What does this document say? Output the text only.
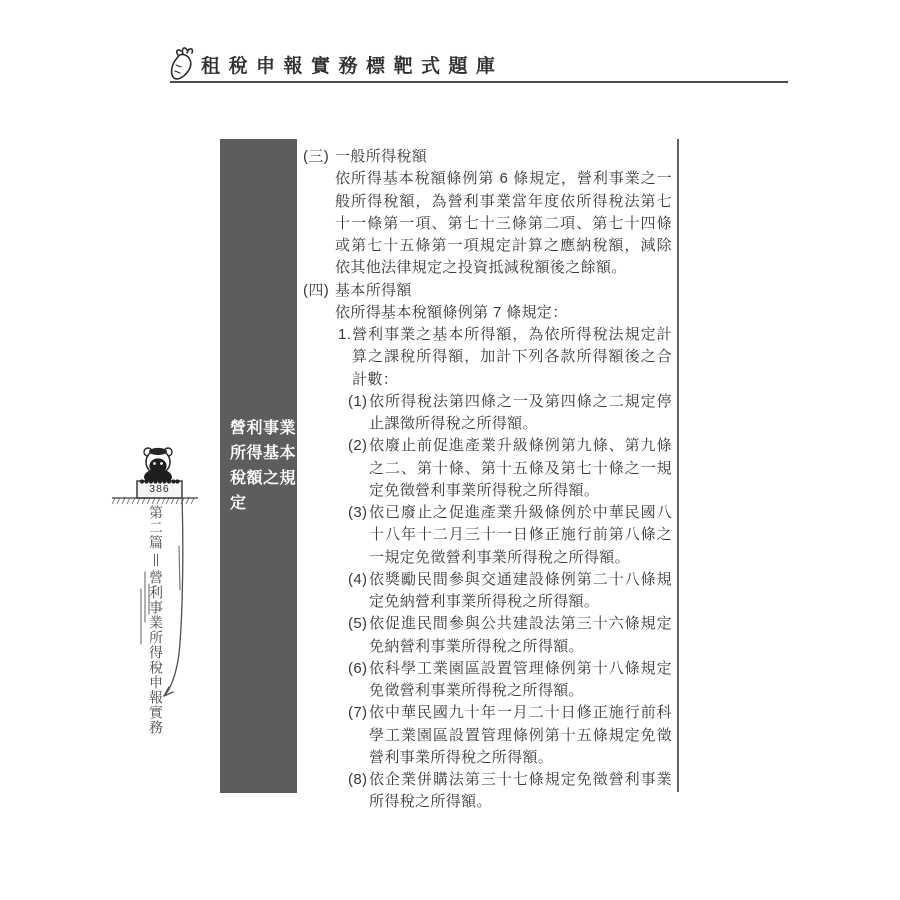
租稅申報實務標靶式題庫
營利事業所得基本稅額之規定
386
第二篇營利事業所得稅申報實務
(三) 一般所得稅額
依所得基本稅額條例第 6 條規定，營利事業之一般所得稅額，為營利事業當年度依所得稅法第七十一條第一項、第七十三條第二項、第七十四條或第七十五條第一項規定計算之應納稅額，減除依其他法律規定之投資抵減稅額後之餘額。
(四) 基本所得額
依所得基本稅額條例第 7 條規定：
1. 營利事業之基本所得額，為依所得稅法規定計算之課稅所得額，加計下列各款所得額後之合計數：
(1) 依所得稅法第四條之一及第四條之二規定停止課徵所得稅之所得額。
(2) 依廢止前促進產業升級條例第九條、第九條之二、第十條、第十五條及第七十條之一規定免徵營利事業所得稅之所得額。
(3) 依已廢止之促進產業升級條例於中華民國八十八年十二月三十一日修正施行前第八條之一規定免徵營利事業所得稅之所得額。
(4) 依獎勵民間參與交通建設條例第二十八條規定免納營利事業所得稅之所得額。
(5) 依促進民間參與公共建設法第三十六條規定免納營利事業所得稅之所得額。
(6) 依科學工業園區設置管理條例第十八條規定免徵營利事業所得稅之所得額。
(7) 依中華民國九十年一月二十日修正施行前科學工業園區設置管理條例第十五條規定免徵營利事業所得稅之所得額。
(8) 依企業併購法第三十七條規定免徵營利事業所得稅之所得額。
